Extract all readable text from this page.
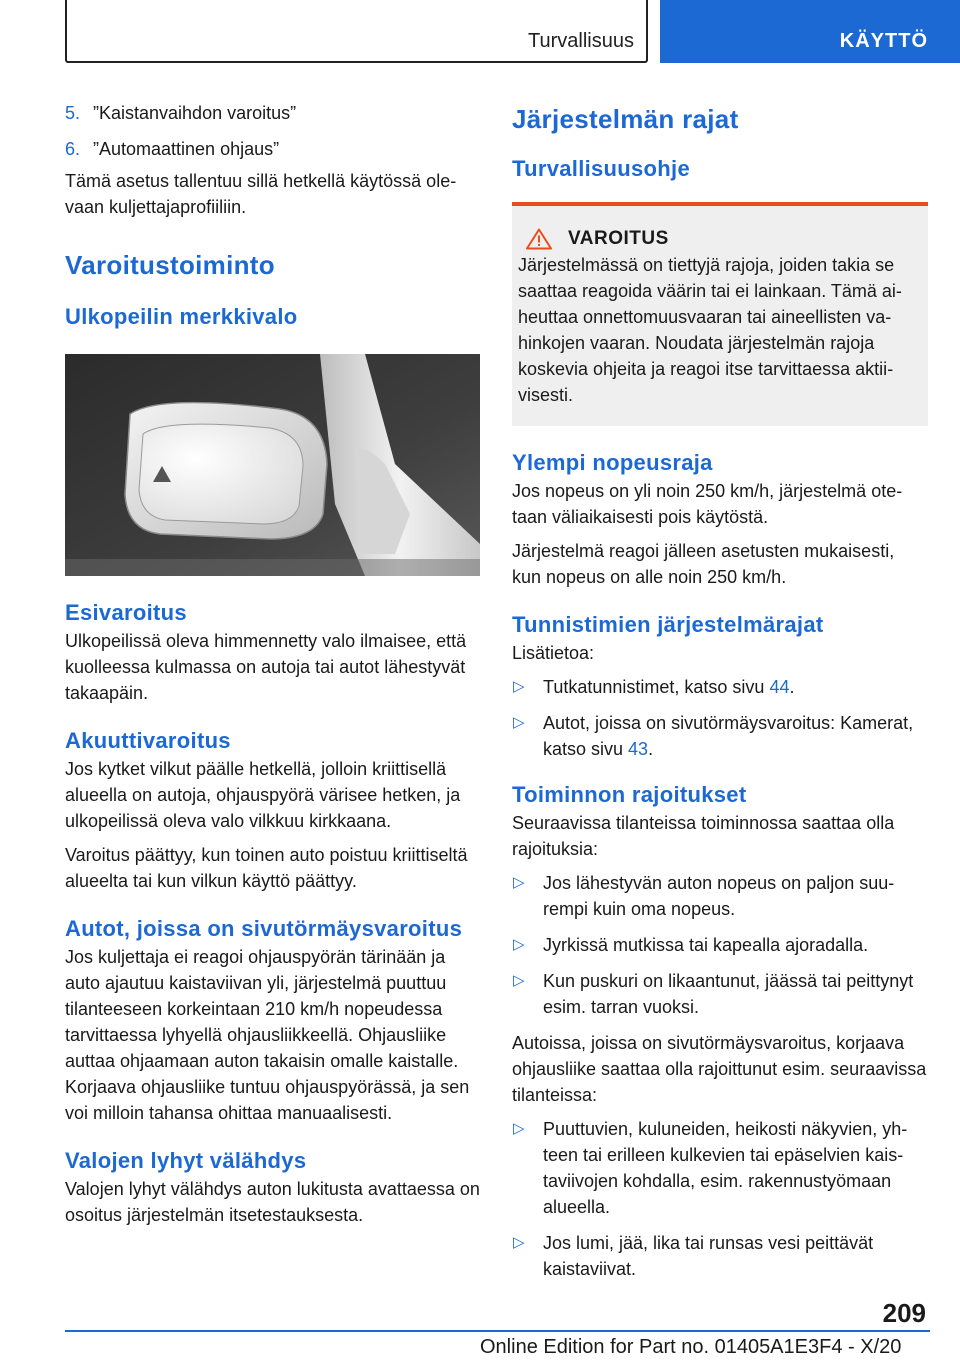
Turvallisuus	KÄYTTÖ
5. ”Kaistanvaihdon varoitus”
6. ”Automaattinen ohjaus”

Tämä asetus tallentuu sillä hetkellä käytössä olevaan kuljettajaprofiiliin.

Varoitustoiminto
Ulkopeilin merkkivalo
Esivaroitus

Ulkopeilissä oleva himmennetty valo ilmaisee, että kuolleessa kulmassa on autoja tai autot lähestyvät takaapäin.

Akuuttivaroitus

Jos kytket vilkut päälle hetkellä, jolloin kriittisellä alueella on autoja, ohjauspyörä värisee hetken, ja ulkopeilissä oleva valo vilkkuu kirkkaana.

Varoitus päättyy, kun toinen auto poistuu kriittiseltä alueelta tai kun vilkun käyttö päättyy.

Autot, joissa on sivutörmäysvaroitus

Jos kuljettaja ei reagoi ohjauspyörän tärinään ja auto ajautuu kaistaviivan yli, järjestelmä puuttuu tilanteeseen korkeintaan 210 km/h nopeudessa tarvittaessa lyhyellä ohjausliikkeellä. Ohjausliike auttaa ohjaamaan auton takaisin omalle kaistalle. Korjaava ohjausliike tuntuu ohjauspyörässä, ja sen voi milloin tahansa ohittaa manuaalisesti.

Valojen lyhyt välähdys

Valojen lyhyt välähdys auton lukitusta avattaessa on osoitus järjestelmän itsetestauksesta.

Järjestelmän rajat
Turvallisuusohje
VAROITUS

Järjestelmässä on tiettyjä rajoja, joiden takia se saattaa reagoida väärin tai ei lainkaan. Tämä aiheuttaa onnettomuusvaaran tai aineellisten vahinkojen vaaran. Noudata järjestelmän rajoja koskevia ohjeita ja reagoi itse tarvittaessa aktiivisesti.

Ylempi nopeusraja

Jos nopeus on yli noin 250 km/h, järjestelmä otetaan väliaikaisesti pois käytöstä.

Järjestelmä reagoi jälleen asetusten mukaisesti, kun nopeus on alle noin 250 km/h.

Tunnistimien järjestelmärajat

Lisätietoa:

▷	Tutkatunnistimet, katso sivu 44.
▷	Autot, joissa on sivutörmäysvaroitus: Kamerat, katso sivu 43.
Toiminnon rajoitukset

Seuraavissa tilanteissa toiminnossa saattaa olla rajoituksia:

▷	Jos lähestyvän auton nopeus on paljon suurempi kuin oma nopeus.
▷	Jyrkissä mutkissa tai kapealla ajoradalla.
▷	Kun puskuri on likaantunut, jäässä tai peittynyt esim. tarran vuoksi.

Autoissa, joissa on sivutörmäysvaroitus, korjaava ohjausliike saattaa olla rajoittunut esim. seuraavissa tilanteissa:

▷	Puuttuvien, kuluneiden, heikosti näkyvien, yhteen tai erilleen kulkevien tai epäselvien kaistaviivojen kohdalla, esim. rakennustyömaan alueella.
▷	Jos lumi, jää, lika tai runsas vesi peittävät kaistaviivat.
209
Online Edition for Part no. 01405A1E3F4 - X/20
